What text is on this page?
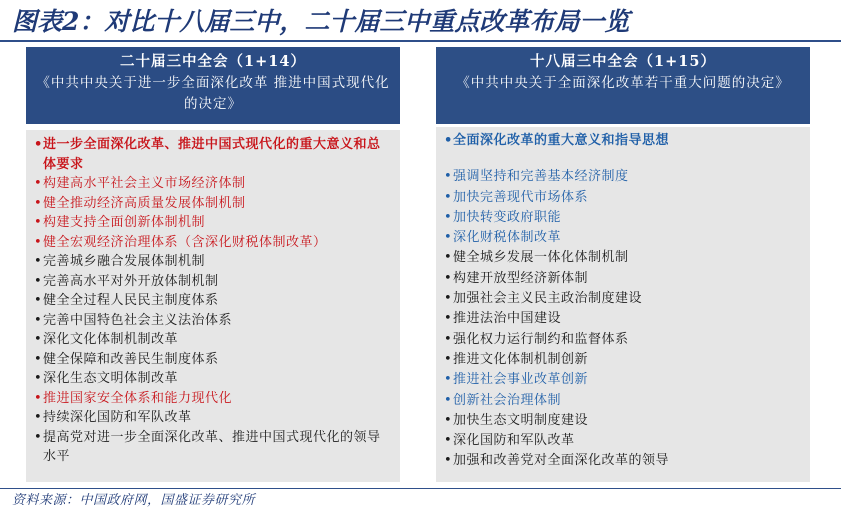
图表2：对比十八届三中，二十届三中重点改革布局一览
二十届三中全会（1+14）
《中共中央关于进一步全面深化改革 推进中国式现代化的决定》
• 进一步全面深化改革、推进中国式现代化的重大意义和总体要求
• 构建高水平社会主义市场经济体制
• 健全推动经济高质量发展体制机制
• 构建支持全面创新体制机制
• 健全宏观经济治理体系（含深化财税体制改革）
• 完善城乡融合发展体制机制
• 完善高水平对外开放体制机制
• 健全全过程人民民主制度体系
• 完善中国特色社会主义法治体系
• 深化文化体制机制改革
• 健全保障和改善民生制度体系
• 深化生态文明体制改革
• 推进国家安全体系和能力现代化
• 持续深化国防和军队改革
• 提高党对进一步全面深化改革、推进中国式现代化的领导水平
十八届三中全会（1+15）
《中共中央关于全面深化改革若干重大问题的决定》
• 全面深化改革的重大意义和指导思想
• 强调坚持和完善基本经济制度
• 加快完善现代市场体系
• 加快转变政府职能
• 深化财税体制改革
• 健全城乡发展一体化体制机制
• 构建开放型经济新体制
• 加强社会主义民主政治制度建设
• 推进法治中国建设
• 强化权力运行制约和监督体系
• 推进文化体制机制创新
• 推进社会事业改革创新
• 创新社会治理体制
• 加快生态文明制度建设
• 深化国防和军队改革
• 加强和改善党对全面深化改革的领导
资料来源：中国政府网，国盛证券研究所
